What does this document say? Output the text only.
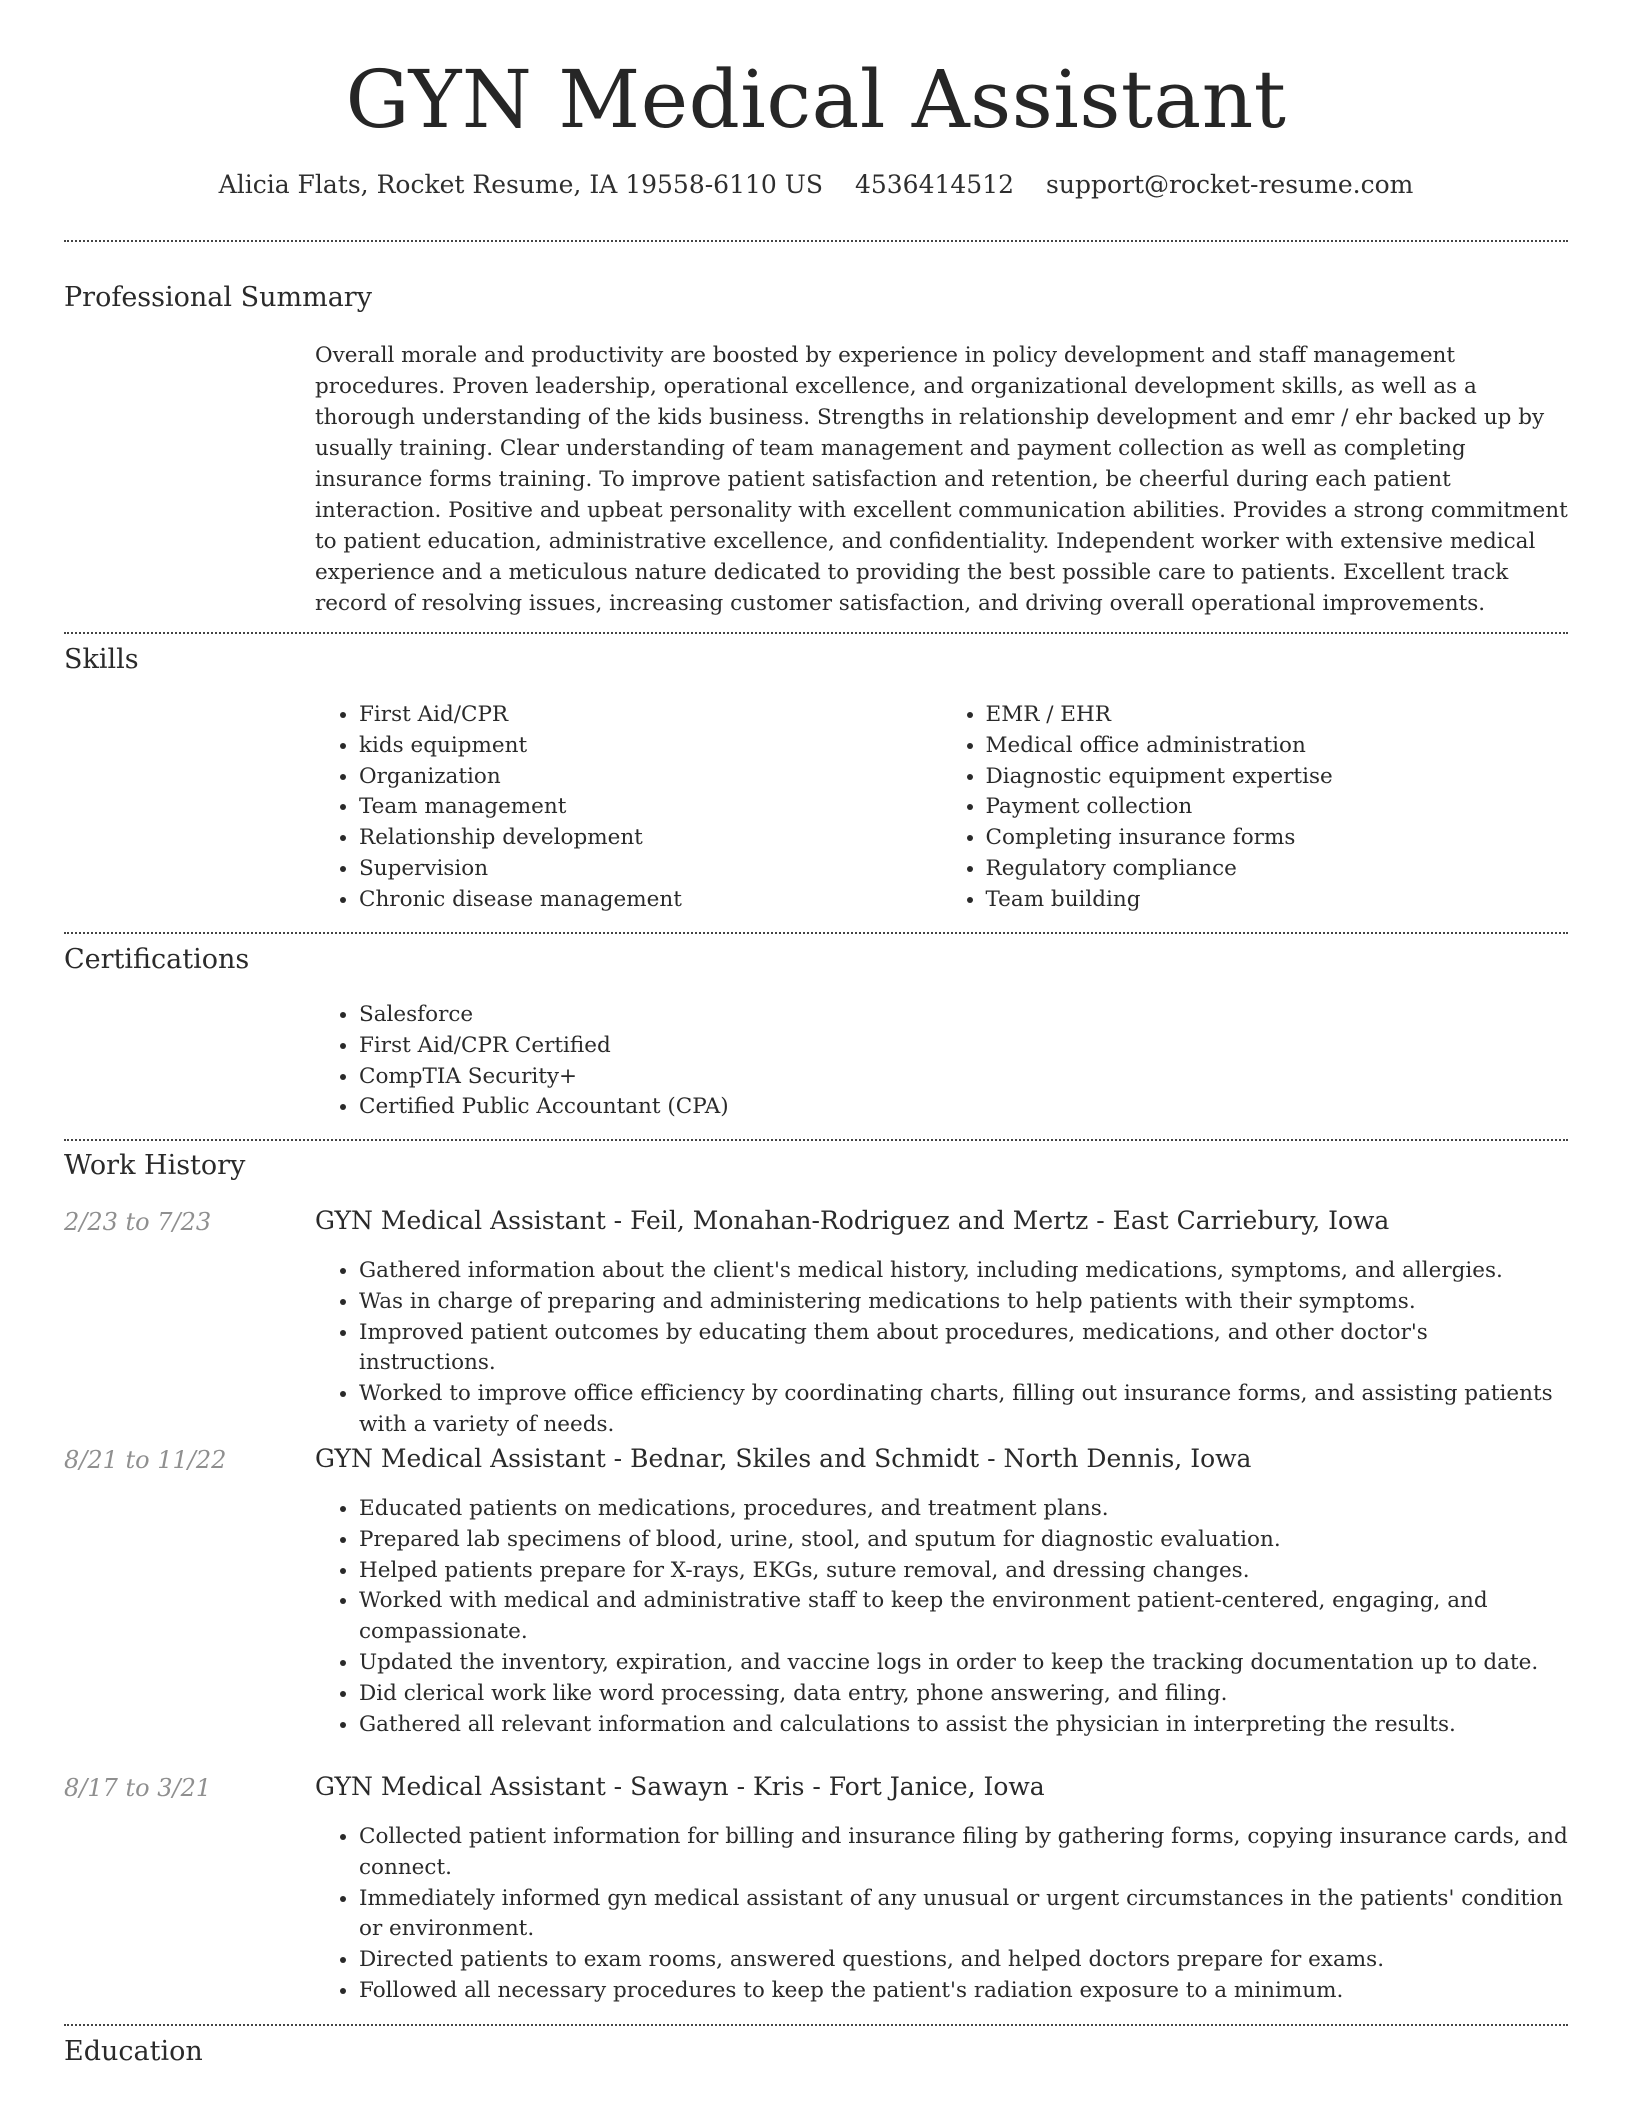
GYN Medical Assistant
Alicia Flats, Rocket Resume, IA 19558-6110 US 4536414512 support@rocket-resume.com
Professional Summary
Overall morale and productivity are boosted by experience in policy development and staff management procedures. Proven leadership, operational excellence, and organizational development skills, as well as a thorough understanding of the kids business. Strengths in relationship development and emr / ehr backed up by usually training. Clear understanding of team management and payment collection as well as completing insurance forms training. To improve patient satisfaction and retention, be cheerful during each patient interaction. Positive and upbeat personality with excellent communication abilities. Provides a strong commitment to patient education, administrative excellence, and confidentiality. Independent worker with extensive medical experience and a meticulous nature dedicated to providing the best possible care to patients. Excellent track record of resolving issues, increasing customer satisfaction, and driving overall operational improvements.
Skills
• First Aid/CPR
• kids equipment
• Organization
• Team management
• Relationship development
• Supervision
• Chronic disease management
• EMR / EHR
• Medical office administration
• Diagnostic equipment expertise
• Payment collection
• Completing insurance forms
• Regulatory compliance
• Team building
Certifications
• Salesforce
• First Aid/CPR Certified
• CompTIA Security+
• Certified Public Accountant (CPA)
Work History
2/23 to 7/23	GYN Medical Assistant - Feil, Monahan-Rodriguez and Mertz - East Carriebury, Iowa
• Gathered information about the client's medical history, including medications, symptoms, and allergies.
• Was in charge of preparing and administering medications to help patients with their symptoms.
• Improved patient outcomes by educating them about procedures, medications, and other doctor's instructions.
• Worked to improve office efficiency by coordinating charts, filling out insurance forms, and assisting patients with a variety of needs.
8/21 to 11/22	GYN Medical Assistant - Bednar, Skiles and Schmidt - North Dennis, Iowa
• Educated patients on medications, procedures, and treatment plans.
• Prepared lab specimens of blood, urine, stool, and sputum for diagnostic evaluation.
• Helped patients prepare for X-rays, EKGs, suture removal, and dressing changes.
• Worked with medical and administrative staff to keep the environment patient-centered, engaging, and compassionate.
• Updated the inventory, expiration, and vaccine logs in order to keep the tracking documentation up to date.
• Did clerical work like word processing, data entry, phone answering, and filing.
• Gathered all relevant information and calculations to assist the physician in interpreting the results.
8/17 to 3/21	GYN Medical Assistant - Sawayn - Kris - Fort Janice, Iowa
• Collected patient information for billing and insurance filing by gathering forms, copying insurance cards, and connect.
• Immediately informed gyn medical assistant of any unusual or urgent circumstances in the patients' condition or environment.
• Directed patients to exam rooms, answered questions, and helped doctors prepare for exams.
• Followed all necessary procedures to keep the patient's radiation exposure to a minimum.
Education
